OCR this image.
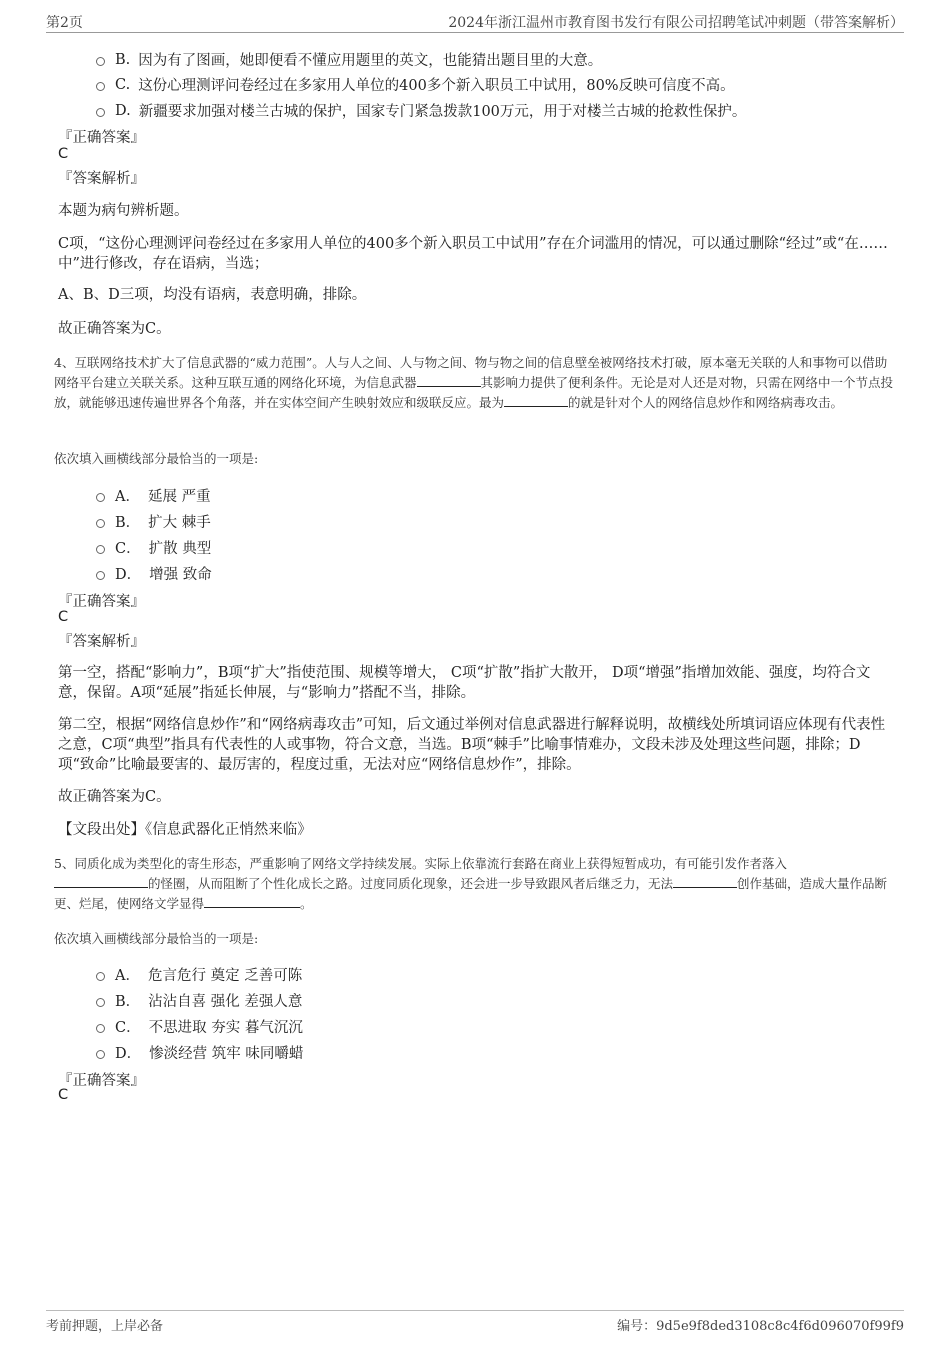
第2页	2024年浙江温州市教育图书发行有限公司招聘笔试冲刺题（带答案解析）
B. 因为有了图画，她即便看不懂应用题里的英文，也能猜出题目里的大意。
C. 这份心理测评问卷经过在多家用人单位的400多个新入职员工中试用，80%反映可信度不高。
D. 新疆要求加强对楼兰古城的保护，国家专门紧急拨款100万元，用于对楼兰古城的抢救性保护。
『正确答案』
C
『答案解析』
本题为病句辨析题。
C项，“这份心理测评问卷经过在多家用人单位的400多个新入职员工中试用”存在介词滥用的情况，可以通过删除“经过”或“在……中”进行修改，存在语病，当选；
A、B、D三项，均没有语病，表意明确，排除。
故正确答案为C。
4、互联网络技术扩大了信息武器的“威力范围”。人与人之间、人与物之间、物与物之间的信息壁垒被网络技术打破，原本毫无关联的人和事物可以借助网络平台建立关联关系。这种互联互通的网络化环境，为信息武器	其影响力提供了便利条件。无论是对人还是对物，只需在网络中一个节点投放，就能够迅速传遍世界各个角落，并在实体空间产生映射效应和级联反应。最为	的就是针对个人的网络信息炒作和网络病毒攻击。
依次填入画横线部分最恰当的一项是:
A． 延展 严重
B． 扩大 棘手
C． 扩散 典型
D． 增强 致命
『正确答案』
C
『答案解析』
第一空，搭配“影响力”，B项“扩大”指使范围、规模等增大， C项“扩散”指扩大散开， D项“增强”指增加效能、强度，均符合文意，保留。A项“延展”指延长伸展，与“影响力”搭配不当，排除。
第二空，根据“网络信息炒作”和“网络病毒攻击”可知，后文通过举例对信息武器进行解释说明，故横线处所填词语应体现有代表性之意，C项“典型”指具有代表性的人或事物，符合文意，当选。B项“棘手”比喻事情难办，文段未涉及处理这些问题，排除；D项“致命”比喻最要害的、最厉害的，程度过重，无法对应“网络信息炒作”，排除。
故正确答案为C。
【文段出处】《信息武器化正悄然来临》
5、同质化成为类型化的寄生形态，严重影响了网络文学持续发展。实际上依靠流行套路在商业上获得短暂成功，有可能引发作者落入
的怪圈，从而阻断了个性化成长之路。过度同质化现象，还会进一步导致跟风者后继乏力，无法	创作基础，造成大量作品断更、烂尾，使网络文学显得	。
依次填入画横线部分最恰当的一项是:
A． 危言危行 奠定 乏善可陈
B． 沾沾自喜 强化 差强人意
C． 不思进取 夯实 暮气沉沉
D． 惨淡经营 筑牢 味同嚼蜡
『正确答案』
C
考前押题，上岸必备	编号：9d5e9f8ded3108c8c4f6d096070f99f9
